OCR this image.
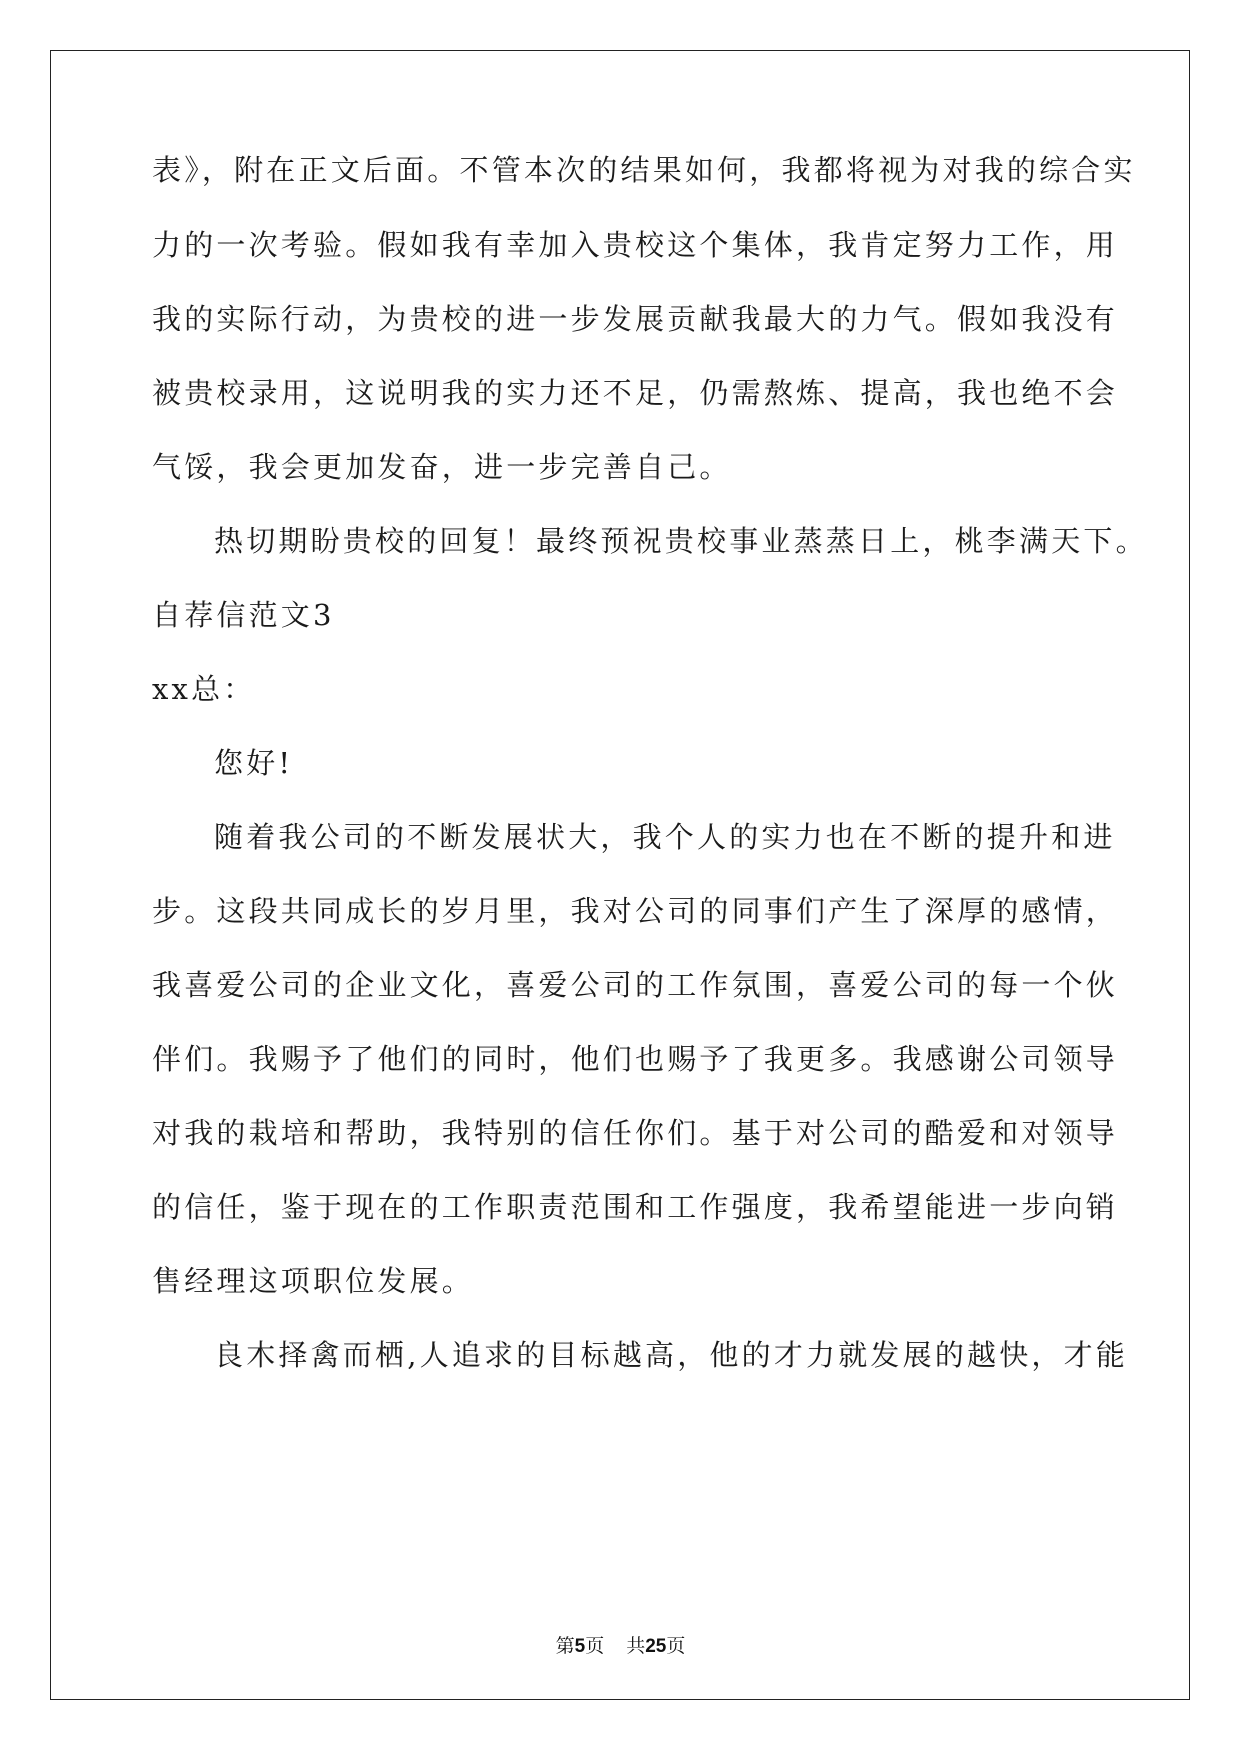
表》，附在正文后面。不管本次的结果如何，我都将视为对我的综合实
力的一次考验。假如我有幸加入贵校这个集体，我肯定努力工作，用
我的实际行动，为贵校的进一步发展贡献我最大的力气。假如我没有
被贵校录用，这说明我的实力还不足，仍需熬炼、提高，我也绝不会
气馁，我会更加发奋，进一步完善自己。
热切期盼贵校的回复！最终预祝贵校事业蒸蒸日上，桃李满天下。
自荐信范文3
xx总：
您好!
随着我公司的不断发展状大，我个人的实力也在不断的提升和进
步。这段共同成长的岁月里，我对公司的同事们产生了深厚的感情，
我喜爱公司的企业文化，喜爱公司的工作氛围，喜爱公司的每一个伙
伴们。我赐予了他们的同时，他们也赐予了我更多。我感谢公司领导
对我的栽培和帮助，我特别的信任你们。基于对公司的酷爱和对领导
的信任，鉴于现在的工作职责范围和工作强度，我希望能进一步向销
售经理这项职位发展。
良木择禽而栖,人追求的目标越高，他的才力就发展的越快，才能
第5页 共25页
